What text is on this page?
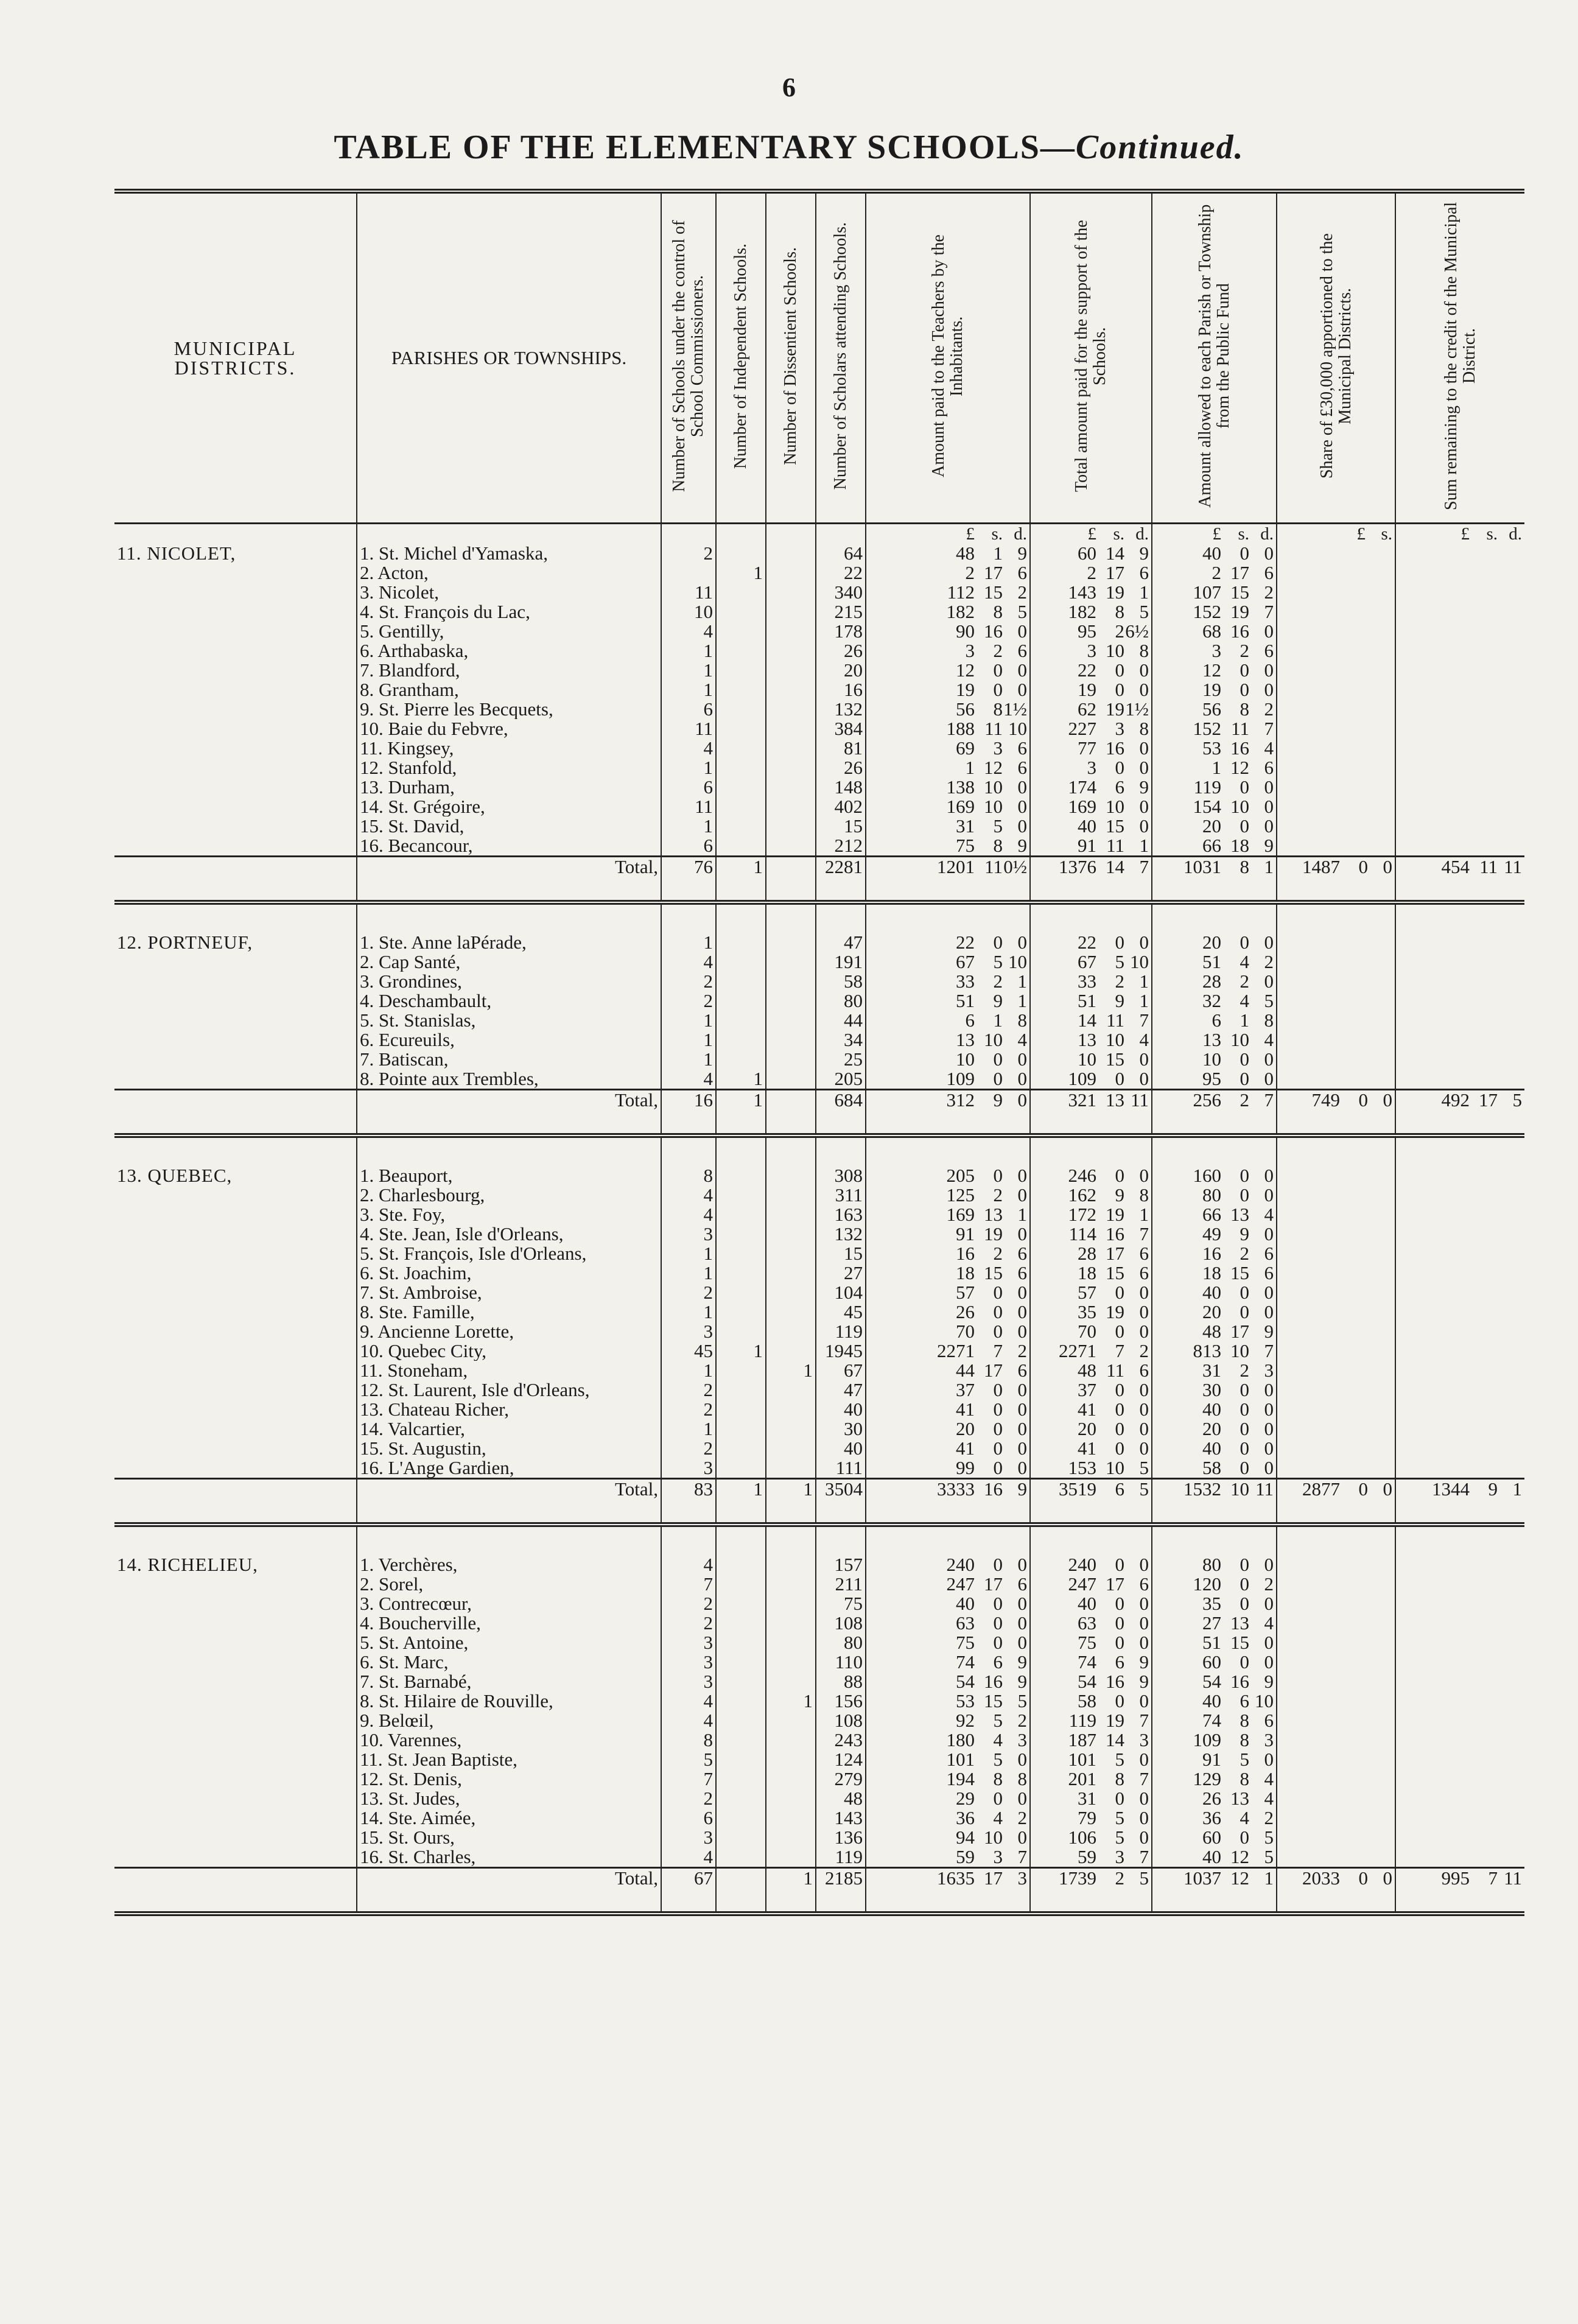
6
TABLE OF THE ELEMENTARY SCHOOLS—Continued.
MUNICIPAL DISTRICTS.	PARISHES OR TOWNSHIPS.	Number of Schools under the control of School Commissioners.	Number of Independent Schools.	Number of Dissentient Schools.	Number of Scholars attending Schools.	Amount paid to the Teachers by the Inhabitants.	Total amount paid for the support of the Schools.	Amount allowed to each Parish or Township from the Public Fund	Share of £30,000 apportioned to the Municipal Districts.	Sum remaining to the credit of the Municipal District.

						£ s. d.	£ s. d.	£ s. d.	£ s.	£ s. d.

11. NICOLET,	1. St. Michel d'Yamaska,	2			64	48 1 9	60 14 9	40 0 0		

	2. Acton,		1		22	2 17 6	2 17 6	2 17 6		

	3. Nicolet,	11			340	112 15 2	143 19 1	107 15 2		

	4. St. François du Lac,	10			215	182 8 5	182 8 5	152 19 7		

	5. Gentilly,	4			178	90 16 0	95 2 6½	68 16 0		

	6. Arthabaska,	1			26	3 2 6	3 10 8	3 2 6		

	7. Blandford,	1			20	12 0 0	22 0 0	12 0 0		

	8. Grantham,	1			16	19 0 0	19 0 0	19 0 0		

	9. St. Pierre les Becquets,	6			132	56 8 1½	62 19 1½	56 8 2		

	10. Baie du Febvre,	11			384	188 11 10	227 3 8	152 11 7		

	11. Kingsey,	4			81	69 3 6	77 16 0	53 16 4		

	12. Stanfold,	1			26	1 12 6	3 0 0	1 12 6		

	13. Durham,	6			148	138 10 0	174 6 9	119 0 0		

	14. St. Grégoire,	11			402	169 10 0	169 10 0	154 10 0		

	15. St. David,	1			15	31 5 0	40 15 0	20 0 0		

	16. Becancour,	6			212	75 8 9	91 11 1	66 18 9		

	Total,	76	1		2281	1201 11 0½	1376 14 7	1031 8 1	1487 0 0	454 11 11

12. PORTNEUF,	1. Ste. Anne laPérade,	1			47	22 0 0	22 0 0	20 0 0		

	2. Cap Santé,	4			191	67 5 10	67 5 10	51 4 2		

	3. Grondines,	2			58	33 2 1	33 2 1	28 2 0		

	4. Deschambault,	2			80	51 9 1	51 9 1	32 4 5		

	5. St. Stanislas,	1			44	6 1 8	14 11 7	6 1 8		

	6. Ecureuils,	1			34	13 10 4	13 10 4	13 10 4		

	7. Batiscan,	1			25	10 0 0	10 15 0	10 0 0		

	8. Pointe aux Trembles,	4	1		205	109 0 0	109 0 0	95 0 0		

	Total,	16	1		684	312 9 0	321 13 11	256 2 7	749 0 0	492 17 5

13. QUEBEC,	1. Beauport,	8			308	205 0 0	246 0 0	160 0 0		

	2. Charlesbourg,	4			311	125 2 0	162 9 8	80 0 0		

	3. Ste. Foy,	4			163	169 13 1	172 19 1	66 13 4		

	4. Ste. Jean, Isle d'Orleans,	3			132	91 19 0	114 16 7	49 9 0		

	5. St. François, Isle d'Orleans,	1			15	16 2 6	28 17 6	16 2 6		

	6. St. Joachim,	1			27	18 15 6	18 15 6	18 15 6		

	7. St. Ambroise,	2			104	57 0 0	57 0 0	40 0 0		

	8. Ste. Famille,	1			45	26 0 0	35 19 0	20 0 0		

	9. Ancienne Lorette,	3			119	70 0 0	70 0 0	48 17 9		

	10. Quebec City,	45	1		1945	2271 7 2	2271 7 2	813 10 7		

	11. Stoneham,	1		1	67	44 17 6	48 11 6	31 2 3		

	12. St. Laurent, Isle d'Orleans,	2			47	37 0 0	37 0 0	30 0 0		

	13. Chateau Richer,	2			40	41 0 0	41 0 0	40 0 0		

	14. Valcartier,	1			30	20 0 0	20 0 0	20 0 0		

	15. St. Augustin,	2			40	41 0 0	41 0 0	40 0 0		

	16. L'Ange Gardien,	3			111	99 0 0	153 10 5	58 0 0		

	Total,	83	1	1	3504	3333 16 9	3519 6 5	1532 10 11	2877 0 0	1344 9 1

14. RICHELIEU,	1. Verchères,	4			157	240 0 0	240 0 0	80 0 0		

	2. Sorel,	7			211	247 17 6	247 17 6	120 0 2		

	3. Contrecœur,	2			75	40 0 0	40 0 0	35 0 0		

	4. Boucherville,	2			108	63 0 0	63 0 0	27 13 4		

	5. St. Antoine,	3			80	75 0 0	75 0 0	51 15 0		

	6. St. Marc,	3			110	74 6 9	74 6 9	60 0 0		

	7. St. Barnabé,	3			88	54 16 9	54 16 9	54 16 9		

	8. St. Hilaire de Rouville,	4		1	156	53 15 5	58 0 0	40 6 10		

	9. Belœil,	4			108	92 5 2	119 19 7	74 8 6		

	10. Varennes,	8			243	180 4 3	187 14 3	109 8 3		

	11. St. Jean Baptiste,	5			124	101 5 0	101 5 0	91 5 0		

	12. St. Denis,	7			279	194 8 8	201 8 7	129 8 4		

	13. St. Judes,	2			48	29 0 0	31 0 0	26 13 4		

	14. Ste. Aimée,	6			143	36 4 2	79 5 0	36 4 2		

	15. St. Ours,	3			136	94 10 0	106 5 0	60 0 5		

	16. St. Charles,	4			119	59 3 7	59 3 7	40 12 5		

	Total,	67		1	2185	1635 17 3	1739 2 5	1037 12 1	2033 0 0	995 7 11
